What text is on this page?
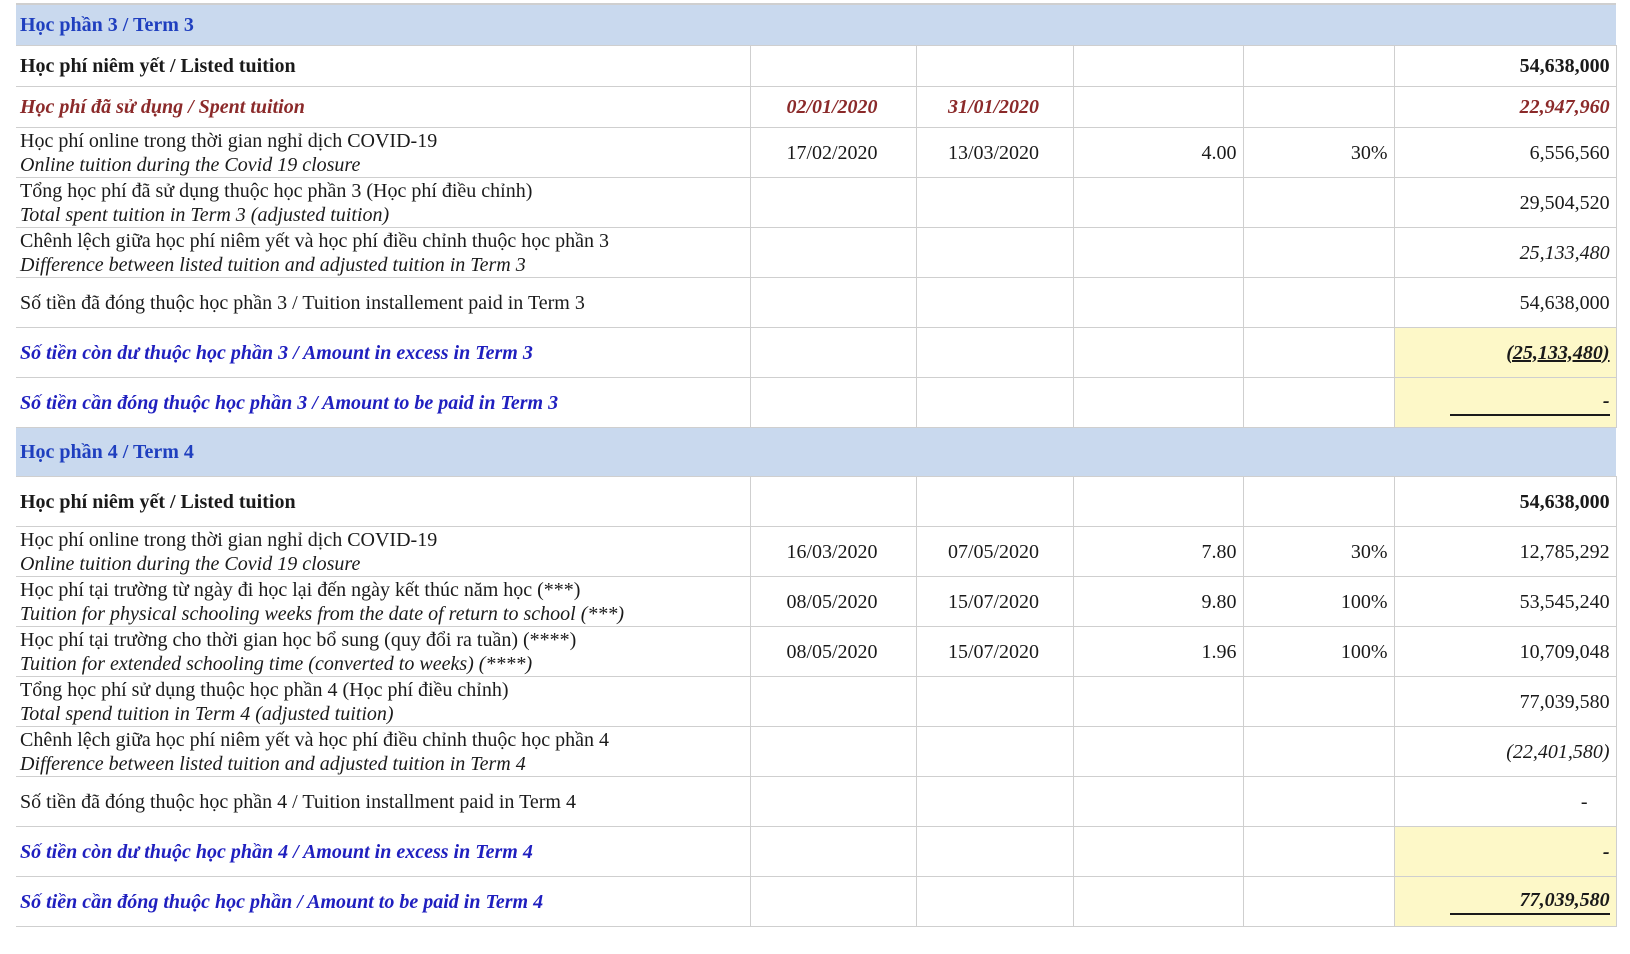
Học phần 3 / Term 3					
Học phí niêm yết / Listed tuition					54,638,000
Học phí đã sử dụng / Spent tuition	02/01/2020	31/01/2020			22,947,960

Học phí online trong thời gian nghỉ dịch COVID-19
Online tuition during the Covid 19 closure	17/02/2020	13/03/2020	4.00	30%	6,556,560

Tổng học phí đã sử dụng thuộc học phần 3 (Học phí điều chỉnh)
Total spent tuition in Term 3 (adjusted tuition)					29,504,520

Chênh lệch giữa học phí niêm yết và học phí điều chỉnh thuộc học phần 3
Difference between listed tuition and adjusted tuition in Term 3					25,133,480
Số tiền đã đóng thuộc học phần 3 / Tuition installement paid in Term 3					54,638,000
Số tiền còn dư thuộc học phần 3 / Amount in excess in Term 3					(25,133,480)
Số tiền cần đóng thuộc học phần 3 / Amount to be paid in Term 3					-
Học phần 4 / Term 4					
Học phí niêm yết / Listed tuition					54,638,000

Học phí online trong thời gian nghỉ dịch COVID-19
Online tuition during the Covid 19 closure	16/03/2020	07/05/2020	7.80	30%	12,785,292

Học phí tại trường từ ngày đi học lại đến ngày kết thúc năm học (***)
Tuition for physical schooling weeks from the date of return to school (***)	08/05/2020	15/07/2020	9.80	100%	53,545,240

Học phí tại trường cho thời gian học bổ sung (quy đổi ra tuần) (****)
Tuition for extended schooling time (converted to weeks) (****)	08/05/2020	15/07/2020	1.96	100%	10,709,048

Tổng học phí sử dụng thuộc học phần 4 (Học phí điều chỉnh)
Total spend tuition in Term 4 (adjusted tuition)					77,039,580

Chênh lệch giữa học phí niêm yết và học phí điều chỉnh thuộc học phần 4
Difference between listed tuition and adjusted tuition in Term 4					(22,401,580)
Số tiền đã đóng thuộc học phần 4 / Tuition installment paid in Term 4					-
Số tiền còn dư thuộc học phần 4 / Amount in excess in Term 4					-
Số tiền cần đóng thuộc học phần / Amount to be paid in Term 4					77,039,580
